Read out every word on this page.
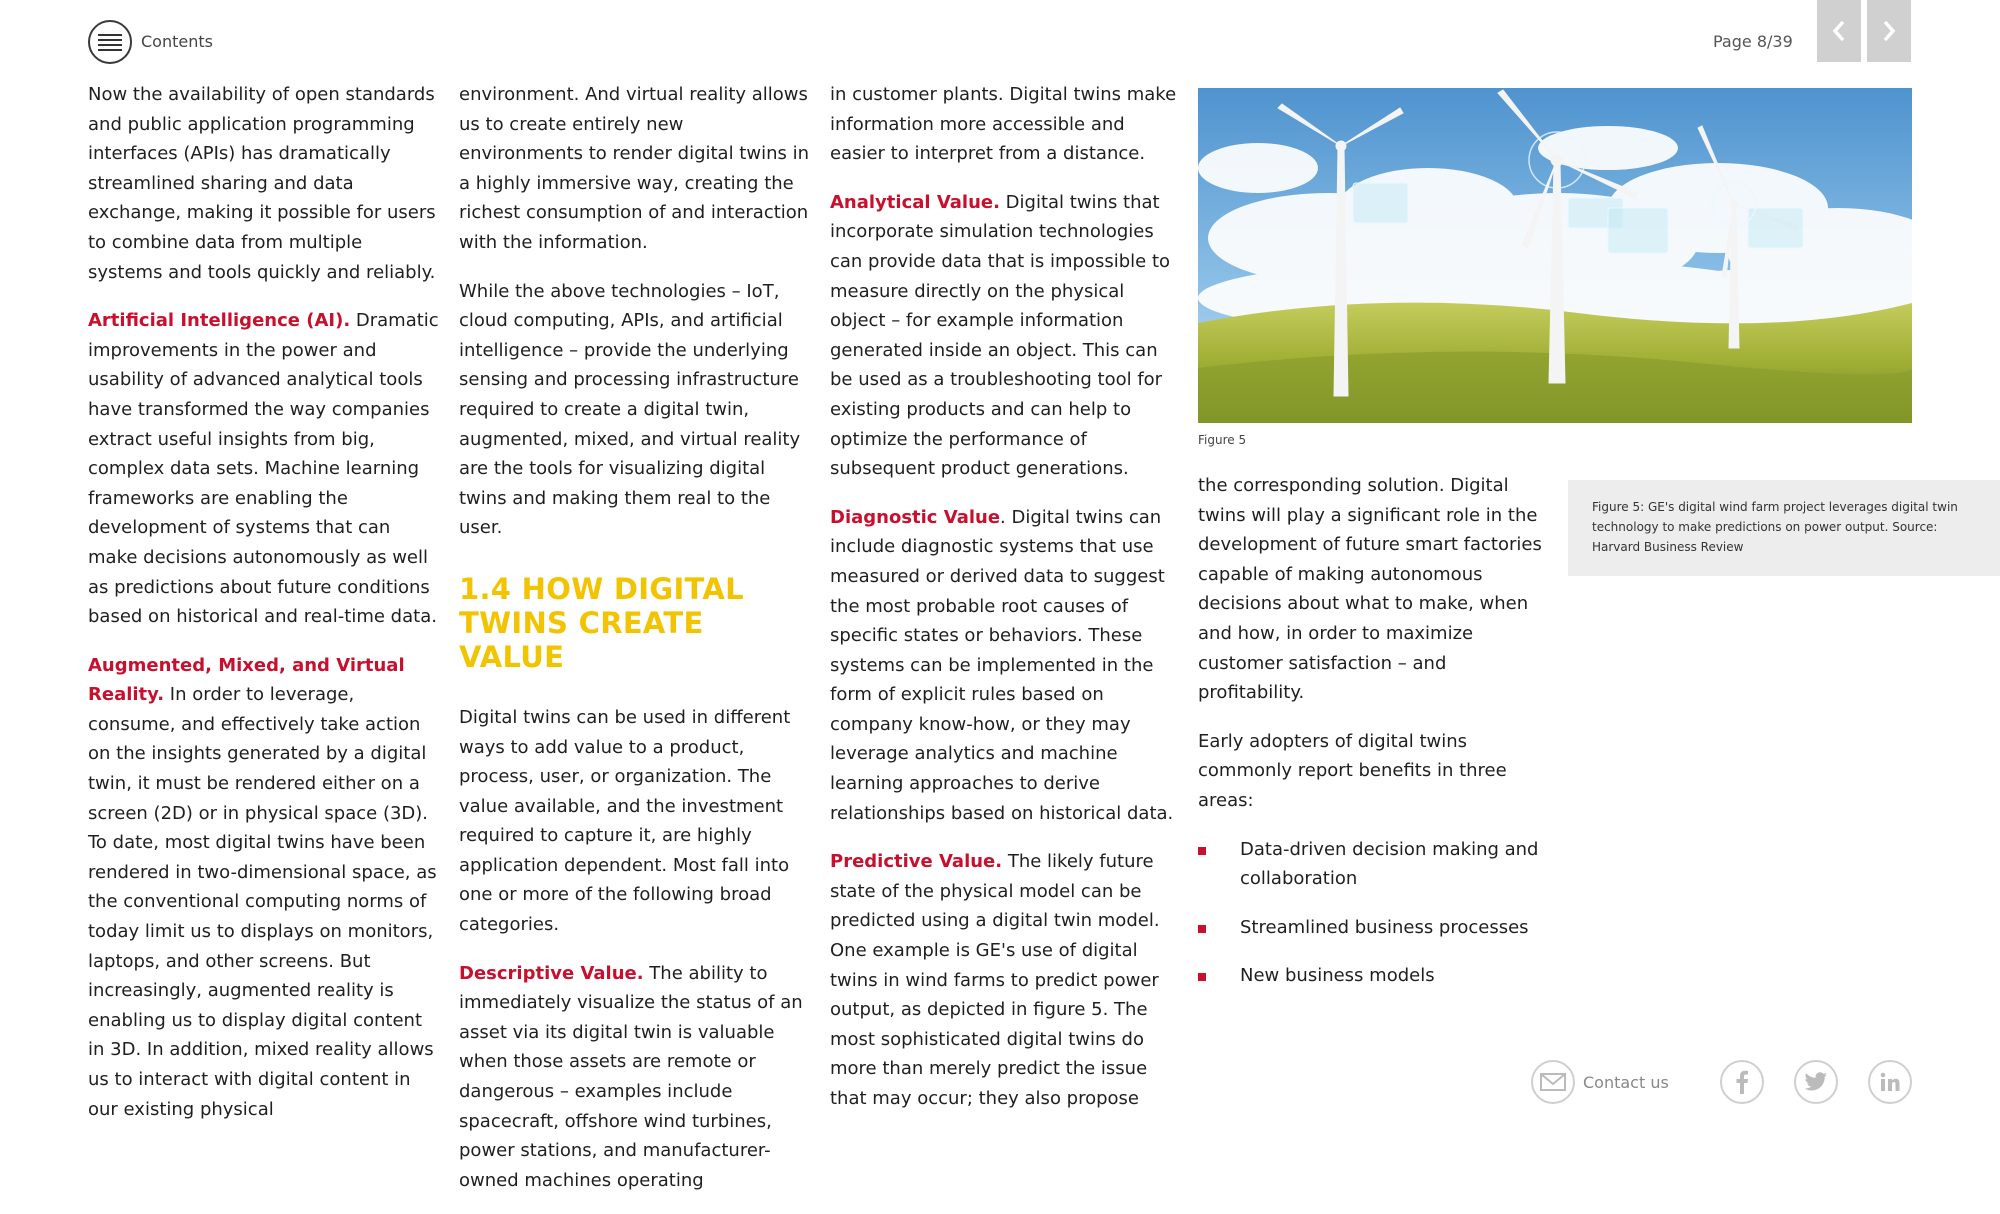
Contents	Page 8/39

Now the availability of open standards and public application programming interfaces (APIs) has dramatically streamlined sharing and data exchange, making it possible for users to combine data from multiple systems and tools quickly and reliably.

Artificial Intelligence (AI). Dramatic improvements in the power and usability of advanced analytical tools have transformed the way companies extract useful insights from big, complex data sets. Machine learning frameworks are enabling the development of systems that can make decisions autonomously as well as predictions about future conditions based on historical and real-time data.

Augmented, Mixed, and Virtual Reality. In order to leverage, consume, and effectively take action on the insights generated by a digital twin, it must be rendered either on a screen (2D) or in physical space (3D). To date, most digital twins have been rendered in two-dimensional space, as the conventional computing norms of today limit us to displays on monitors, laptops, and other screens. But increasingly, augmented reality is enabling us to display digital content in 3D. In addition, mixed reality allows us to interact with digital content in our existing physical

environment. And virtual reality allows us to create entirely new environments to render digital twins in a highly immersive way, creating the richest consumption of and interaction with the information.

While the above technologies – IoT, cloud computing, APIs, and artificial intelligence – provide the underlying sensing and processing infrastructure required to create a digital twin, augmented, mixed, and virtual reality are the tools for visualizing digital twins and making them real to the user.

1.4 HOW DIGITAL
TWINS CREATE VALUE

Digital twins can be used in different ways to add value to a product, process, user, or organization. The value available, and the investment required to capture it, are highly application dependent. Most fall into one or more of the following broad categories.

Descriptive Value. The ability to immediately visualize the status of an asset via its digital twin is valuable when those assets are remote or dangerous – examples include spacecraft, offshore wind turbines, power stations, and manufacturer-owned machines operating

in customer plants. Digital twins make information more accessible and easier to interpret from a distance.

Analytical Value. Digital twins that incorporate simulation technologies can provide data that is impossible to measure directly on the physical object – for example information generated inside an object. This can be used as a troubleshooting tool for existing products and can help to optimize the performance of subsequent product generations.

Diagnostic Value. Digital twins can include diagnostic systems that use measured or derived data to suggest the most probable root causes of specific states or behaviors. These systems can be implemented in the form of explicit rules based on company know-how, or they may leverage analytics and machine learning approaches to derive relationships based on historical data.

Predictive Value. The likely future state of the physical model can be predicted using a digital twin model. One example is GE's use of digital twins in wind farms to predict power output, as depicted in figure 5. The most sophisticated digital twins do more than merely predict the issue that may occur; they also propose

Figure 5
Figure 5: GE's digital wind farm project leverages digital twin technology to make predictions on power output. Source: Harvard Business Review

the corresponding solution. Digital twins will play a significant role in the development of future smart factories capable of making autonomous decisions about what to make, when and how, in order to maximize customer satisfaction – and profitability.

Early adopters of digital twins commonly report benefits in three areas:

Data-driven decision making and collaboration
Streamlined business processes
New business models
Contact us
